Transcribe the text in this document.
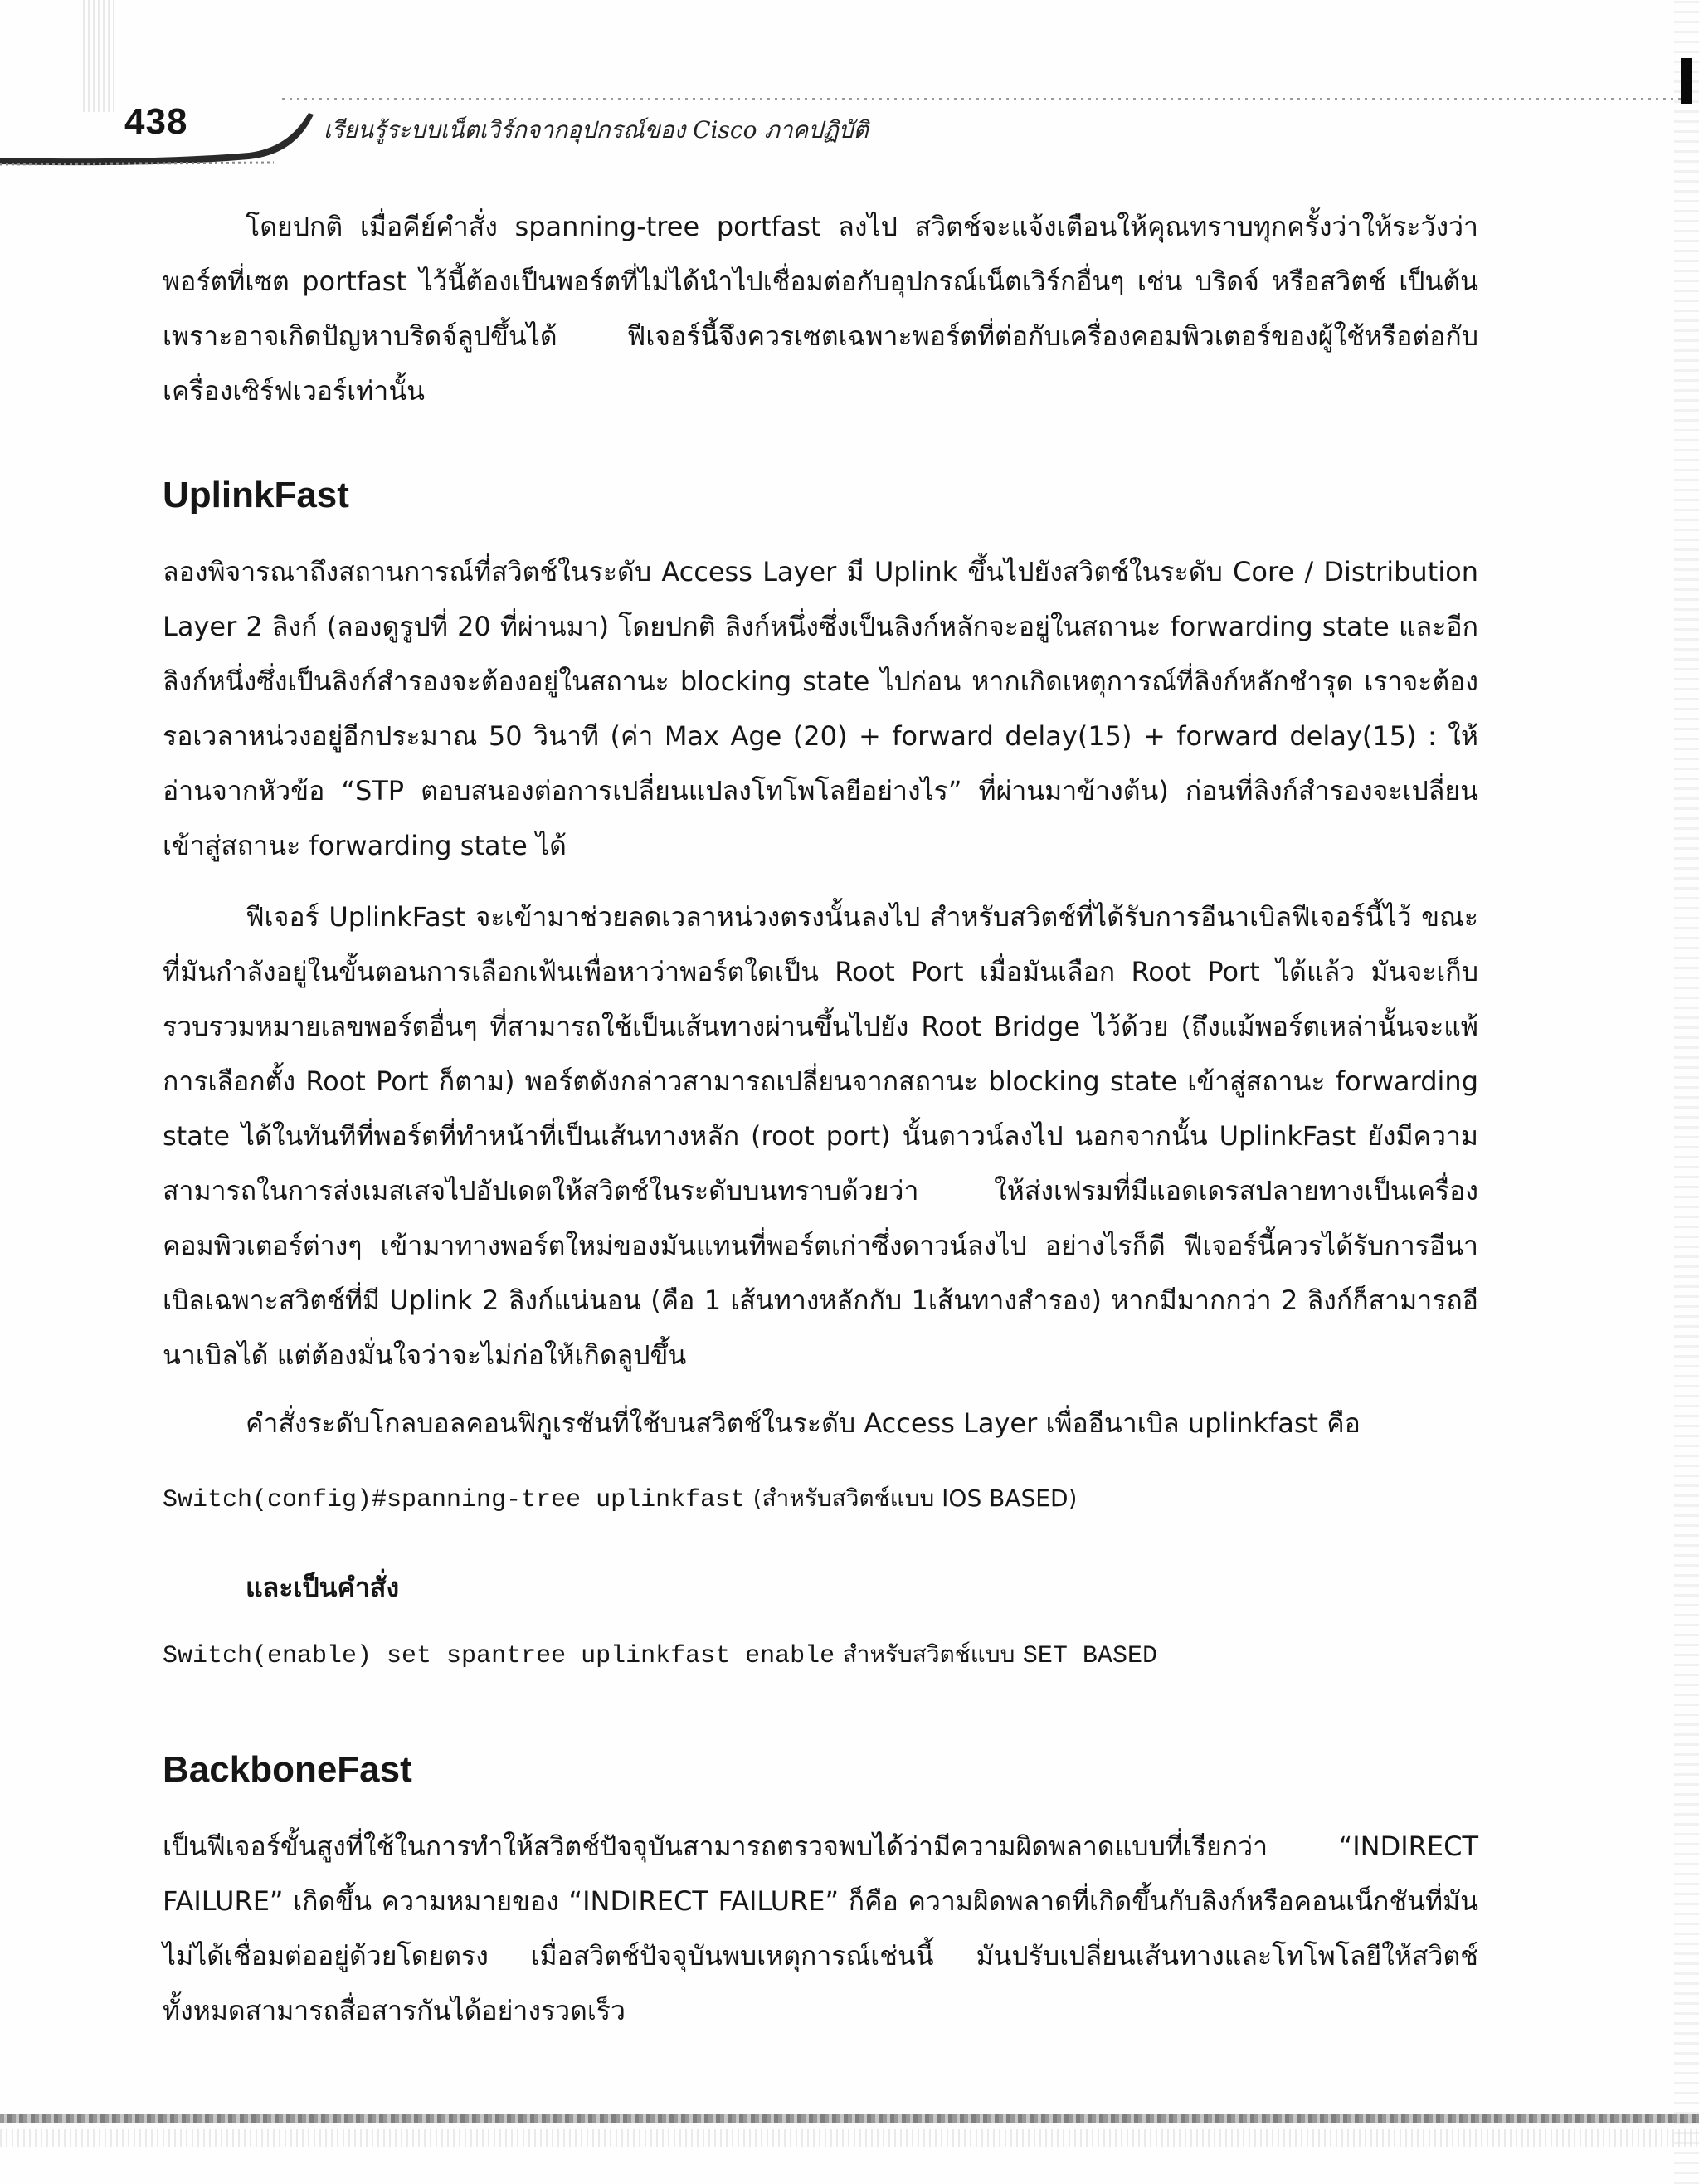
438	เรียนรู้ระบบเน็ตเวิร์กจากอุปกรณ์ของ Cisco ภาคปฏิบัติ

โดยปกติ เมื่อคีย์คำสั่ง spanning-tree portfast ลงไป สวิตช์จะแจ้งเตือนให้คุณทราบทุกครั้งว่าให้ระวังว่าพอร์ตที่เซต portfast ไว้นี้ต้องเป็นพอร์ตที่ไม่ได้นำไปเชื่อมต่อกับอุปกรณ์เน็ตเวิร์กอื่นๆ เช่น บริดจ์ หรือสวิตช์ เป็นต้น เพราะอาจเกิดปัญหาบริดจ์ลูปขึ้นได้ ฟีเจอร์นี้จึงควรเซตเฉพาะพอร์ตที่ต่อกับเครื่องคอมพิวเตอร์ของผู้ใช้หรือต่อกับเครื่องเซิร์ฟเวอร์เท่านั้น

UplinkFast

ลองพิจารณาถึงสถานการณ์ที่สวิตช์ในระดับ Access Layer มี Uplink ขึ้นไปยังสวิตช์ในระดับ Core / Distribution Layer 2 ลิงก์ (ลองดูรูปที่ 20 ที่ผ่านมา) โดยปกติ ลิงก์หนึ่งซึ่งเป็นลิงก์หลักจะอยู่ในสถานะ forwarding state และอีกลิงก์หนึ่งซึ่งเป็นลิงก์สำรองจะต้องอยู่ในสถานะ blocking state ไปก่อน หากเกิดเหตุการณ์ที่ลิงก์หลักชำรุด เราจะต้องรอเวลาหน่วงอยู่อีกประมาณ 50 วินาที (ค่า Max Age (20) + forward delay(15) + forward delay(15) : ให้อ่านจากหัวข้อ “STP ตอบสนองต่อการเปลี่ยนแปลงโทโพโลยีอย่างไร” ที่ผ่านมาข้างต้น) ก่อนที่ลิงก์สำรองจะเปลี่ยนเข้าสู่สถานะ forwarding state ได้

ฟีเจอร์ UplinkFast จะเข้ามาช่วยลดเวลาหน่วงตรงนั้นลงไป สำหรับสวิตช์ที่ได้รับการอีนาเบิลฟีเจอร์นี้ไว้ ขณะที่มันกำลังอยู่ในขั้นตอนการเลือกเฟ้นเพื่อหาว่าพอร์ตใดเป็น Root Port เมื่อมันเลือก Root Port ได้แล้ว มันจะเก็บรวบรวมหมายเลขพอร์ตอื่นๆ ที่สามารถใช้เป็นเส้นทางผ่านขึ้นไปยัง Root Bridge ไว้ด้วย (ถึงแม้พอร์ตเหล่านั้นจะแพ้การเลือกตั้ง Root Port ก็ตาม) พอร์ตดังกล่าวสามารถเปลี่ยนจากสถานะ blocking state เข้าสู่สถานะ forwarding state ได้ในทันทีที่พอร์ตที่ทำหน้าที่เป็นเส้นทางหลัก (root port) นั้นดาวน์ลงไป นอกจากนั้น UplinkFast ยังมีความสามารถในการส่งเมสเสจไปอัปเดตให้สวิตช์ในระดับบนทราบด้วยว่า ให้ส่งเฟรมที่มีแอดเดรสปลายทางเป็นเครื่องคอมพิวเตอร์ต่างๆ เข้ามาทางพอร์ตใหม่ของมันแทนที่พอร์ตเก่าซึ่งดาวน์ลงไป อย่างไรก็ดี ฟีเจอร์นี้ควรได้รับการอีนาเบิลเฉพาะสวิตช์ที่มี Uplink 2 ลิงก์แน่นอน (คือ 1 เส้นทางหลักกับ 1เส้นทางสำรอง) หากมีมากกว่า 2 ลิงก์ก็สามารถอีนาเบิลได้ แต่ต้องมั่นใจว่าจะไม่ก่อให้เกิดลูปขึ้น

คำสั่งระดับโกลบอลคอนฟิกูเรชันที่ใช้บนสวิตช์ในระดับ Access Layer เพื่ออีนาเบิล uplinkfast คือ

Switch(config)#spanning-tree uplinkfast (สำหรับสวิตช์แบบ IOS BASED)
และเป็นคำสั่ง
Switch(enable) set spantree uplinkfast enable สำหรับสวิตช์แบบ SET BASED
BackboneFast

เป็นฟีเจอร์ขั้นสูงที่ใช้ในการทำให้สวิตช์ปัจจุบันสามารถตรวจพบได้ว่ามีความผิดพลาดแบบที่เรียกว่า “INDIRECT FAILURE” เกิดขึ้น ความหมายของ “INDIRECT FAILURE” ก็คือ ความผิดพลาดที่เกิดขึ้นกับลิงก์หรือคอนเน็กชันที่มันไม่ได้เชื่อมต่ออยู่ด้วยโดยตรง เมื่อสวิตช์ปัจจุบันพบเหตุการณ์เช่นนี้ มันปรับเปลี่ยนเส้นทางและโทโพโลยีให้สวิตช์ทั้งหมดสามารถสื่อสารกันได้อย่างรวดเร็ว
